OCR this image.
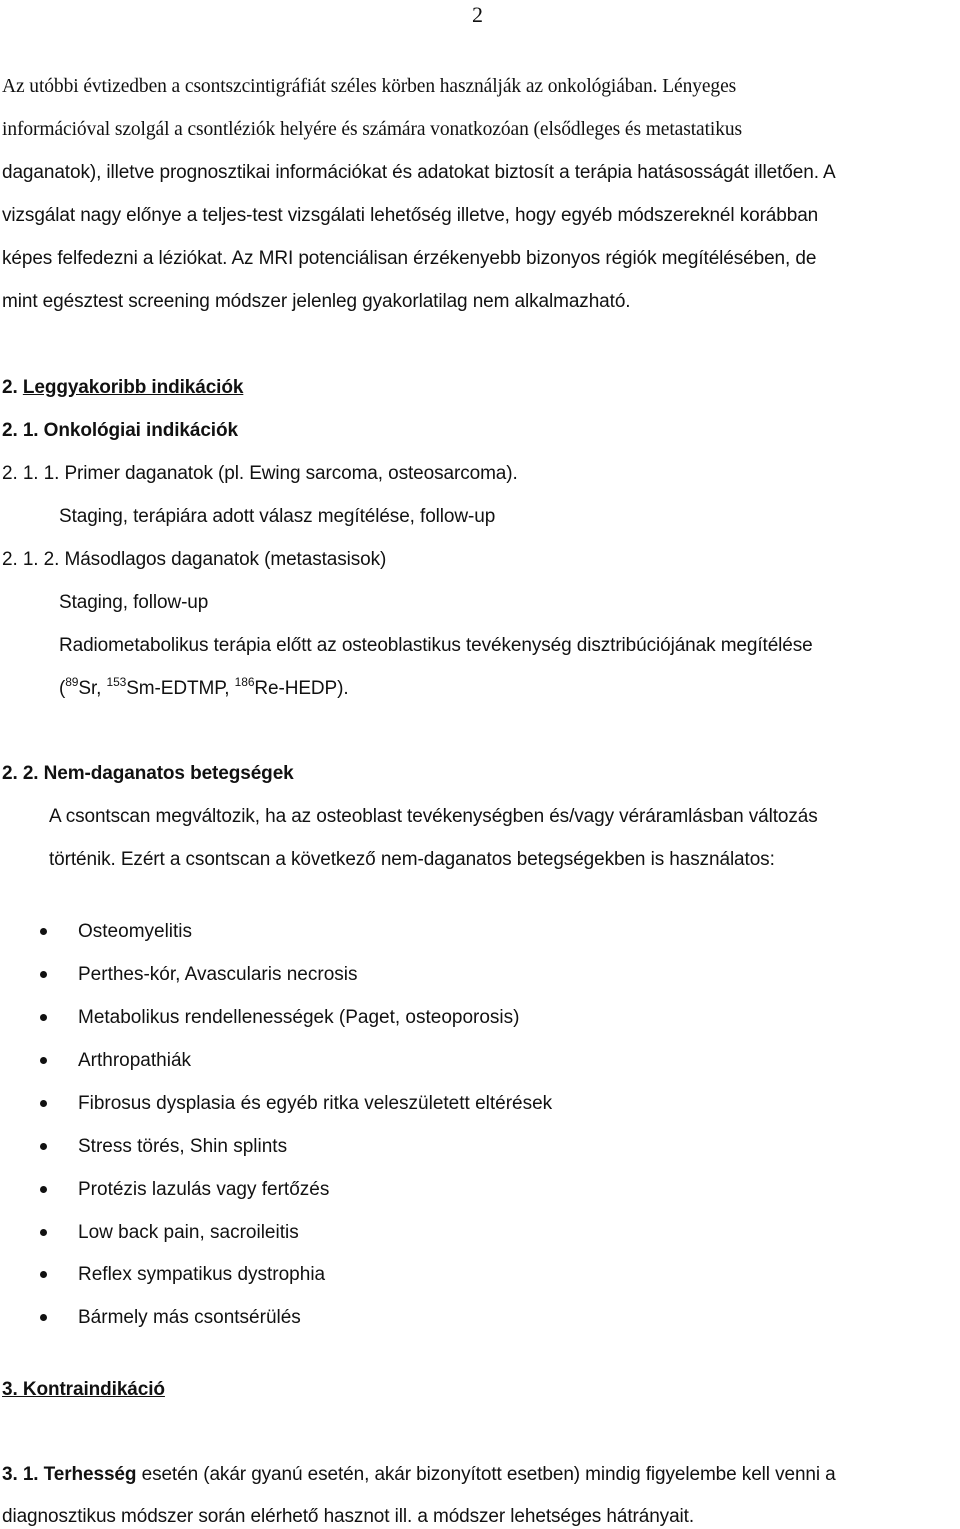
2
Az utóbbi évtizedben a csontszcintigráfiát széles körben használják az onkológiában. Lényeges
információval szolgál a csontléziók helyére és számára vonatkozóan (elsődleges és metastatikus
daganatok), illetve prognosztikai információkat és adatokat biztosít a terápia hatásosságát illetően. A
vizsgálat nagy előnye a teljes-test vizsgálati lehetőség illetve, hogy egyéb módszereknél korábban
képes felfedezni a léziókat. Az MRI potenciálisan érzékenyebb bizonyos régiók megítélésében, de
mint egésztest screening módszer jelenleg gyakorlatilag nem alkalmazható.
2. Leggyakoribb indikációk
2. 1. Onkológiai indikációk
2. 1. 1. Primer daganatok (pl. Ewing sarcoma, osteosarcoma).
Staging, terápiára adott válasz megítélése, follow-up
2. 1. 2. Másodlagos daganatok (metastasisok)
Staging, follow-up
Radiometabolikus terápia előtt az osteoblastikus tevékenység disztribúciójának megítélése
($^{89}$Sr, $^{153}$Sm-EDTMP, $^{186}$Re-HEDP).
2. 2. Nem-daganatos betegségek
A csontscan megváltozik, ha az osteoblast tevékenységben és/vagy véráramlásban változás
történik. Ezért a csontscan a következő nem-daganatos betegségekben is használatos:
Osteomyelitis
Perthes-kór, Avascularis necrosis
Metabolikus rendellenességek (Paget, osteoporosis)
Arthropathiák
Fibrosus dysplasia és egyéb ritka veleszületett eltérések
Stress törés, Shin splints
Protézis lazulás vagy fertőzés
Low back pain, sacroileitis
Reflex sympatikus dystrophia
Bármely más csontsérülés
3. Kontraindikáció
3. 1. Terhesség esetén (akár gyanú esetén, akár bizonyított esetben) mindig figyelembe kell venni a
diagnosztikus módszer során elérhető hasznot ill. a módszer lehetséges hátrányait.
